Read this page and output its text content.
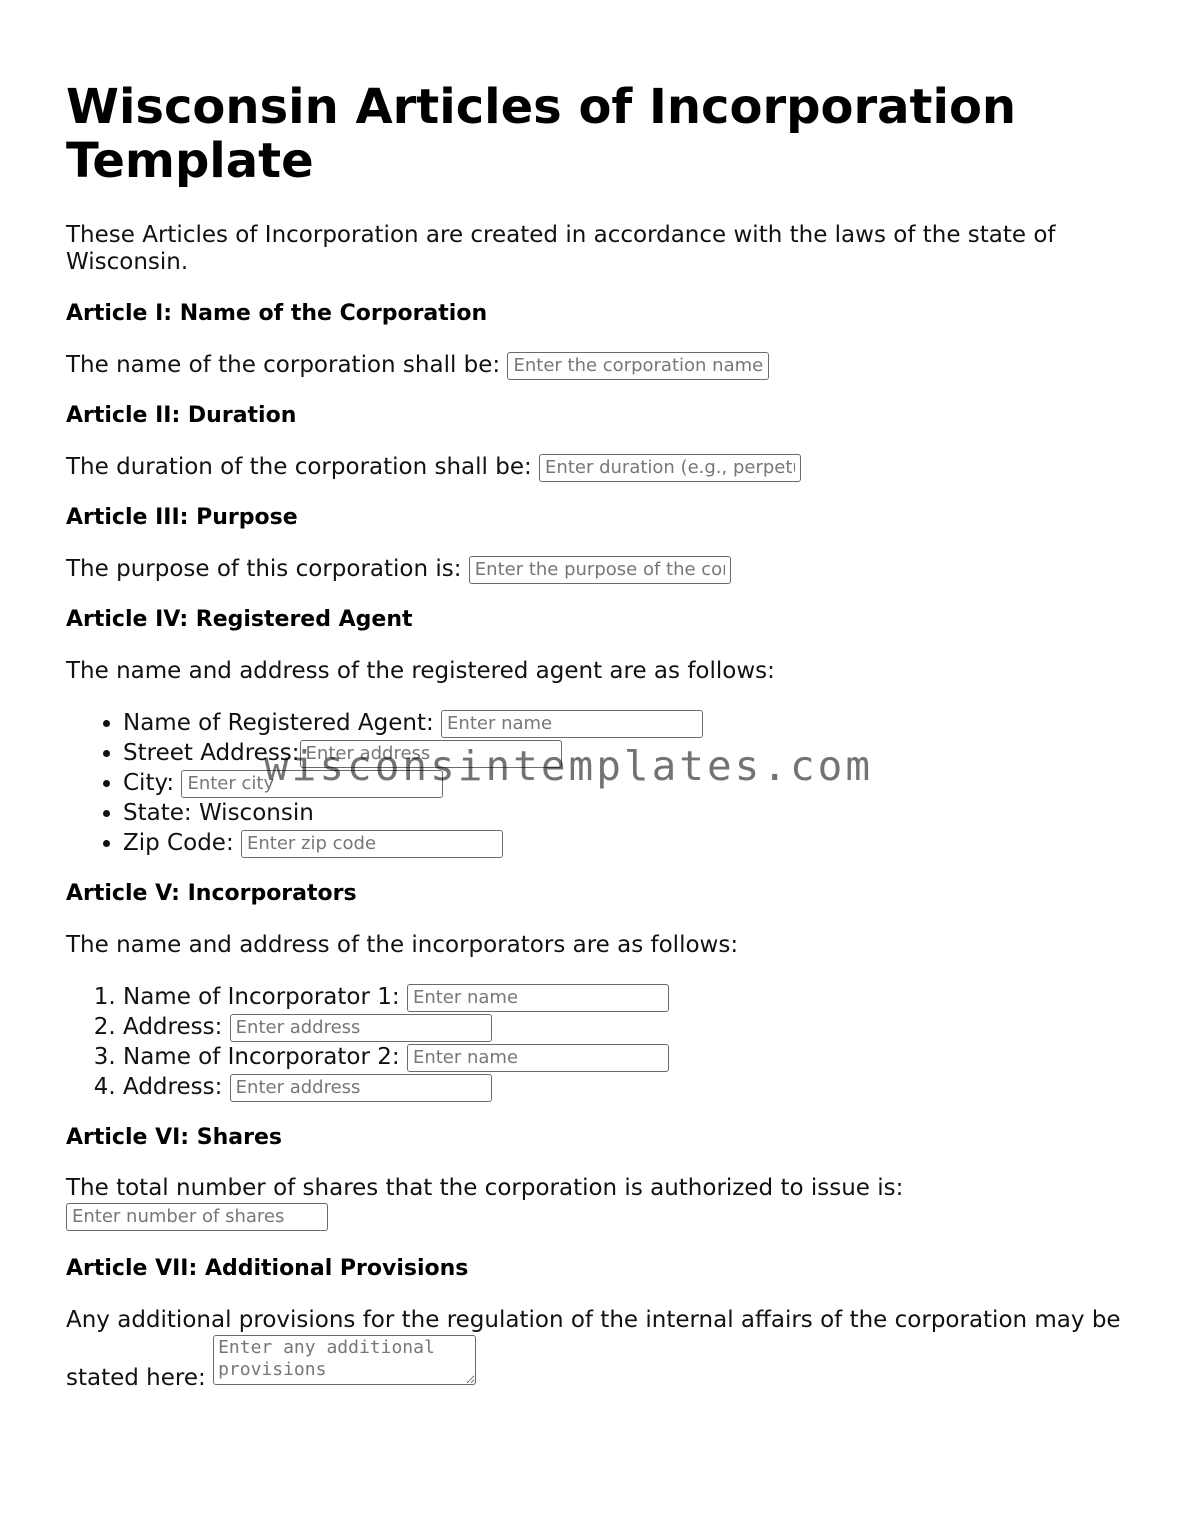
Wisconsin Articles of Incorporation Template

These Articles of Incorporation are created in accordance with the laws of the state of Wisconsin.

Article I: Name of the Corporation
The name of the corporation shall be: Enter the corporation name
Article II: Duration
The duration of the corporation shall be: Enter duration (e.g., perpetual)
Article III: Purpose
The purpose of this corporation is: Enter the purpose of the corporation
Article IV: Registered Agent
The name and address of the registered agent are as follows:
• Name of Registered Agent: Enter name
• Street Address:Enter address
• City: Enter city
• State: Wisconsin
• Zip Code: Enter zip code
Article V: Incorporators
The name and address of the incorporators are as follows:
1. Name of Incorporator 1: Enter name
2. Address: Enter address
3. Name of Incorporator 2: Enter name
4. Address: Enter address
Article VI: Shares
The total number of shares that the corporation is authorized to issue is:
Enter number of shares
Article VII: Additional Provisions
Any additional provisions for the regulation of the internal affairs of the corporation may be stated here: Enter any additional provisions
wisconsintemplates.com
